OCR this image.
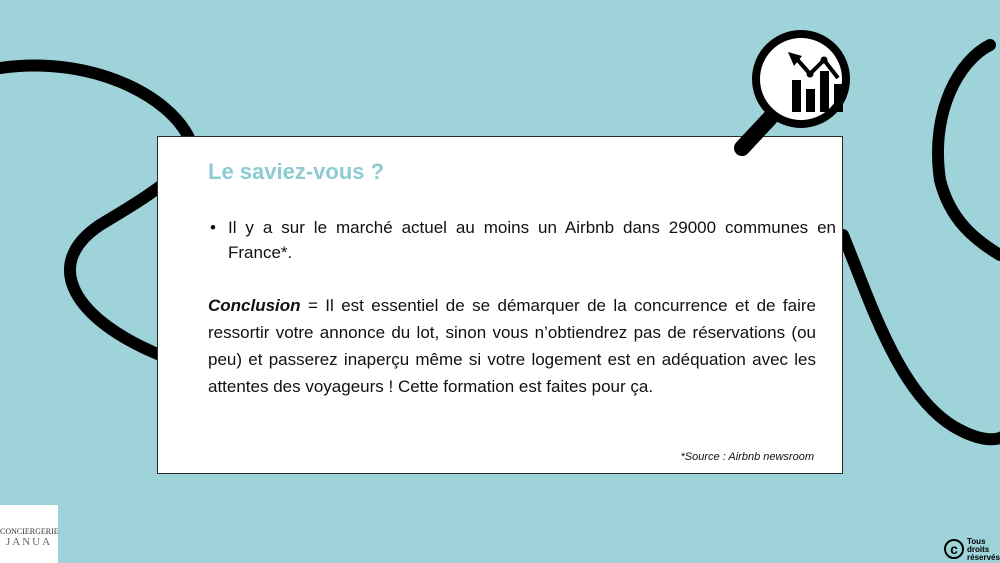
Le saviez-vous ?
• Il y a sur le marché actuel au moins un Airbnb dans 29000 communes en France*.

Conclusion = Il est essentiel de se démarquer de la concurrence et de faire ressortir votre annonce du lot, sinon vous n’obtiendrez pas de réservations (ou peu) et passerez inaperçu même si votre logement est en adéquation avec les attentes des voyageurs ! Cette formation est faites pour ça.

*Source : Airbnb newsroom
CONCIERGERIE
JANUA	c	Tous droits réservés
